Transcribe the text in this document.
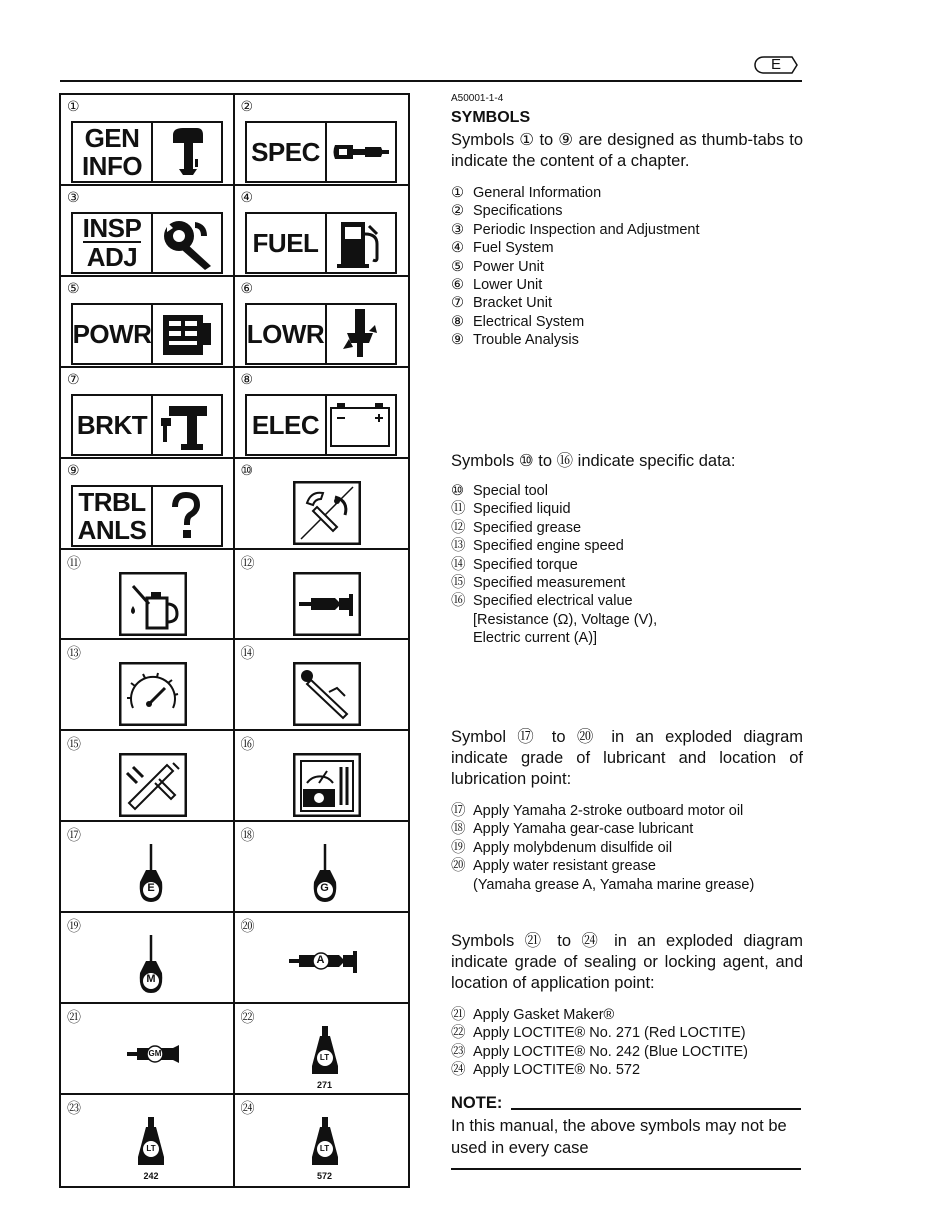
E
①
GEN
INFO
②
SPEC
③
INSP
ADJ
④
FUEL
⑤
POWR
⑥
LOWR
⑦
BRKT
⑧
ELEC
⑨
TRBL
ANLS
⑩
⑪	⑫
⑬	⑭
⑮	⑯
⑰
E
⑱
G
⑲
M
⑳
A
㉑
GM
㉒
LT
271
㉓
LT
242
㉔
LT
572
A50001-1-4
SYMBOLS
Symbols ① to ⑨ are designed as thumb-tabs to indicate the content of a chapter.
① General Information
② Specifications
③ Periodic Inspection and Adjustment
④ Fuel System
⑤ Power Unit
⑥ Lower Unit
⑦ Bracket Unit
⑧ Electrical System
⑨ Trouble Analysis
Symbols ⑩ to ⑯ indicate specific data:
⑩ Special tool
⑪ Specified liquid
⑫ Specified grease
⑬ Specified engine speed
⑭ Specified torque
⑮ Specified measurement
⑯ Specified electrical value
[Resistance (Ω), Voltage (V),
Electric current (A)]
Symbol ⑰ to ⑳ in an exploded diagram indicate grade of lubricant and location of lubrication point:
⑰ Apply Yamaha 2-stroke outboard motor oil
⑱ Apply Yamaha gear-case lubricant
⑲ Apply molybdenum disulfide oil
⑳ Apply water resistant grease
(Yamaha grease A, Yamaha marine grease)
Symbols ㉑ to ㉔ in an exploded diagram indicate grade of sealing or locking agent, and location of application point:
㉑ Apply Gasket Maker®
㉒ Apply LOCTITE® No. 271 (Red LOCTITE)
㉓ Apply LOCTITE® No. 242 (Blue LOCTITE)
㉔ Apply LOCTITE® No. 572
NOTE:
In this manual, the above symbols may not be used in every case
